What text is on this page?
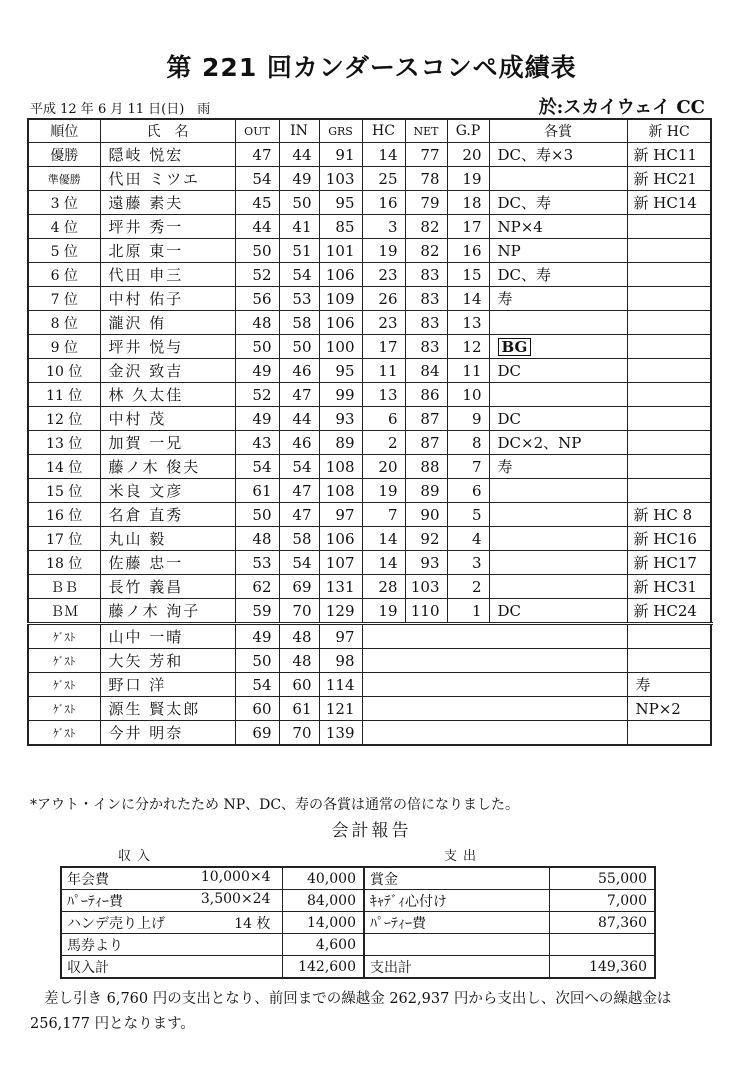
第 221 回カンダースコンペ成績表
平成 12 年 6 月 11 日(日)　雨	於:スカイウェイ CC
順位	氏　名	OUT	IN	GRS	HC	NET	G.P	各賞	新 HC	
優勝	隠岐 悦宏	47	44	91	14	77	20	DC、寿×3	新 HC11	
準優勝	代田 ミツエ	54	49	103	25	78	19		新 HC21	
3 位	遠藤 素夫	45	50	95	16	79	18	DC、寿	新 HC14	
4 位	坪井 秀一	44	41	85	3	82	17	NP×4		
5 位	北原 東一	50	51	101	19	82	16	NP		
6 位	代田 申三	52	54	106	23	83	15	DC、寿		
7 位	中村 佑子	56	53	109	26	83	14	寿		
8 位	瀧沢 侑	48	58	106	23	83	13			
9 位	坪井 悦与	50	50	100	17	83	12	BG		
10 位	金沢 致吉	49	46	95	11	84	11	DC		
11 位	林 久太佳	52	47	99	13	86	10			
12 位	中村 茂	49	44	93	6	87	9	DC		
13 位	加賀 一兄	43	46	89	2	87	8	DC×2、NP		
14 位	藤ノ木 俊夫	54	54	108	20	88	7	寿		
15 位	米良 文彦	61	47	108	19	89	6			
16 位	名倉 直秀	50	47	97	7	90	5		新 HC 8	
17 位	丸山 毅	48	58	106	14	92	4		新 HC16	
18 位	佐藤 忠一	53	54	107	14	93	3		新 HC17	
ＢＢ	長竹 義昌	62	69	131	28	103	2		新 HC31	
ＢＭ	藤ノ木 洵子	59	70	129	19	110	1	DC	新 HC24	
ｹﾞｽﾄ	山中 一晴	49	48	97						
ｹﾞｽﾄ	大矢 芳和	50	48	98						
ｹﾞｽﾄ	野口 洋	54	60	114					寿	
ｹﾞｽﾄ	源生 賢太郎	60	61	121					NP×2	
ｹﾞｽﾄ	今井 明奈	69	70	139						
*アウト・インに分かれたため NP、DC、寿の各賞は通常の倍になりました。
会計報告
収入	支出
年会費 10,000×4	40,000	賞金	55,000

ﾊﾟｰﾃｨｰ費 3,500×24	84,000	ｷｬﾃﾞｨ心付け	7,000

ハンデ売り上げ 14 枚	14,000	ﾊﾟｰﾃｨｰ費	87,360

馬券より	4,600		

収入計	142,600	支出計	149,360
差し引き 6,760 円の支出となり、前回までの繰越金 262,937 円から支出し、次回への繰越金は 256,177 円となります。
